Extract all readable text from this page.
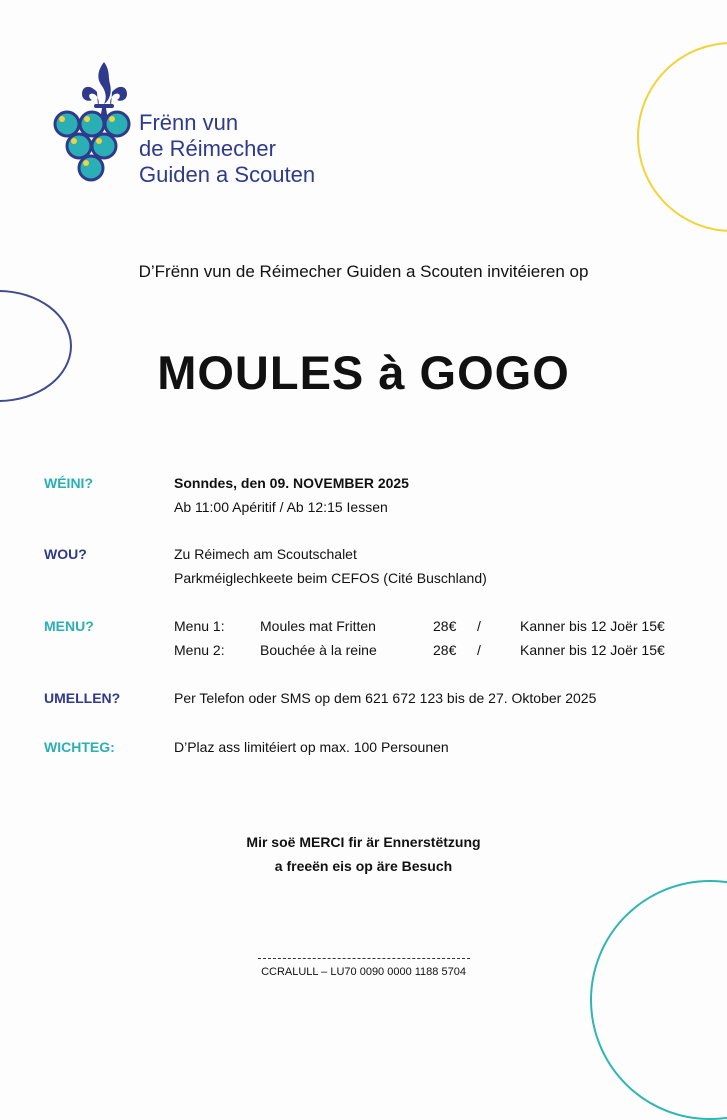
Frënn vun
de Réimecher
Guiden a Scouten
D’Frënn vun de Réimecher Guiden a Scouten invitéieren op
MOULES à GOGO
WÉINI?	Sonndes, den 09. NOVEMBER 2025
Ab 11:00 Apéritif / Ab 12:15 Iessen
WOU?	Zu Réimech am Scoutschalet
Parkméiglechkeete beim CEFOS (Cité Buschland)
MENU?	Menu 1:	Moules mat Fritten	28€ /	Kanner bis 12 Joër 15€
Menu 2:	Bouchée à la reine	28€ /	Kanner bis 12 Joër 15€
UMELLEN?	Per Telefon oder SMS op dem 621 672 123 bis de 27. Oktober 2025
WICHTEG:	D’Plaz ass limitéiert op max. 100 Persounen
Mir soë MERCI fir är Ennerstëtzung
a freeën eis op äre Besuch
CCRALULL – LU70 0090 0000 1188 5704
